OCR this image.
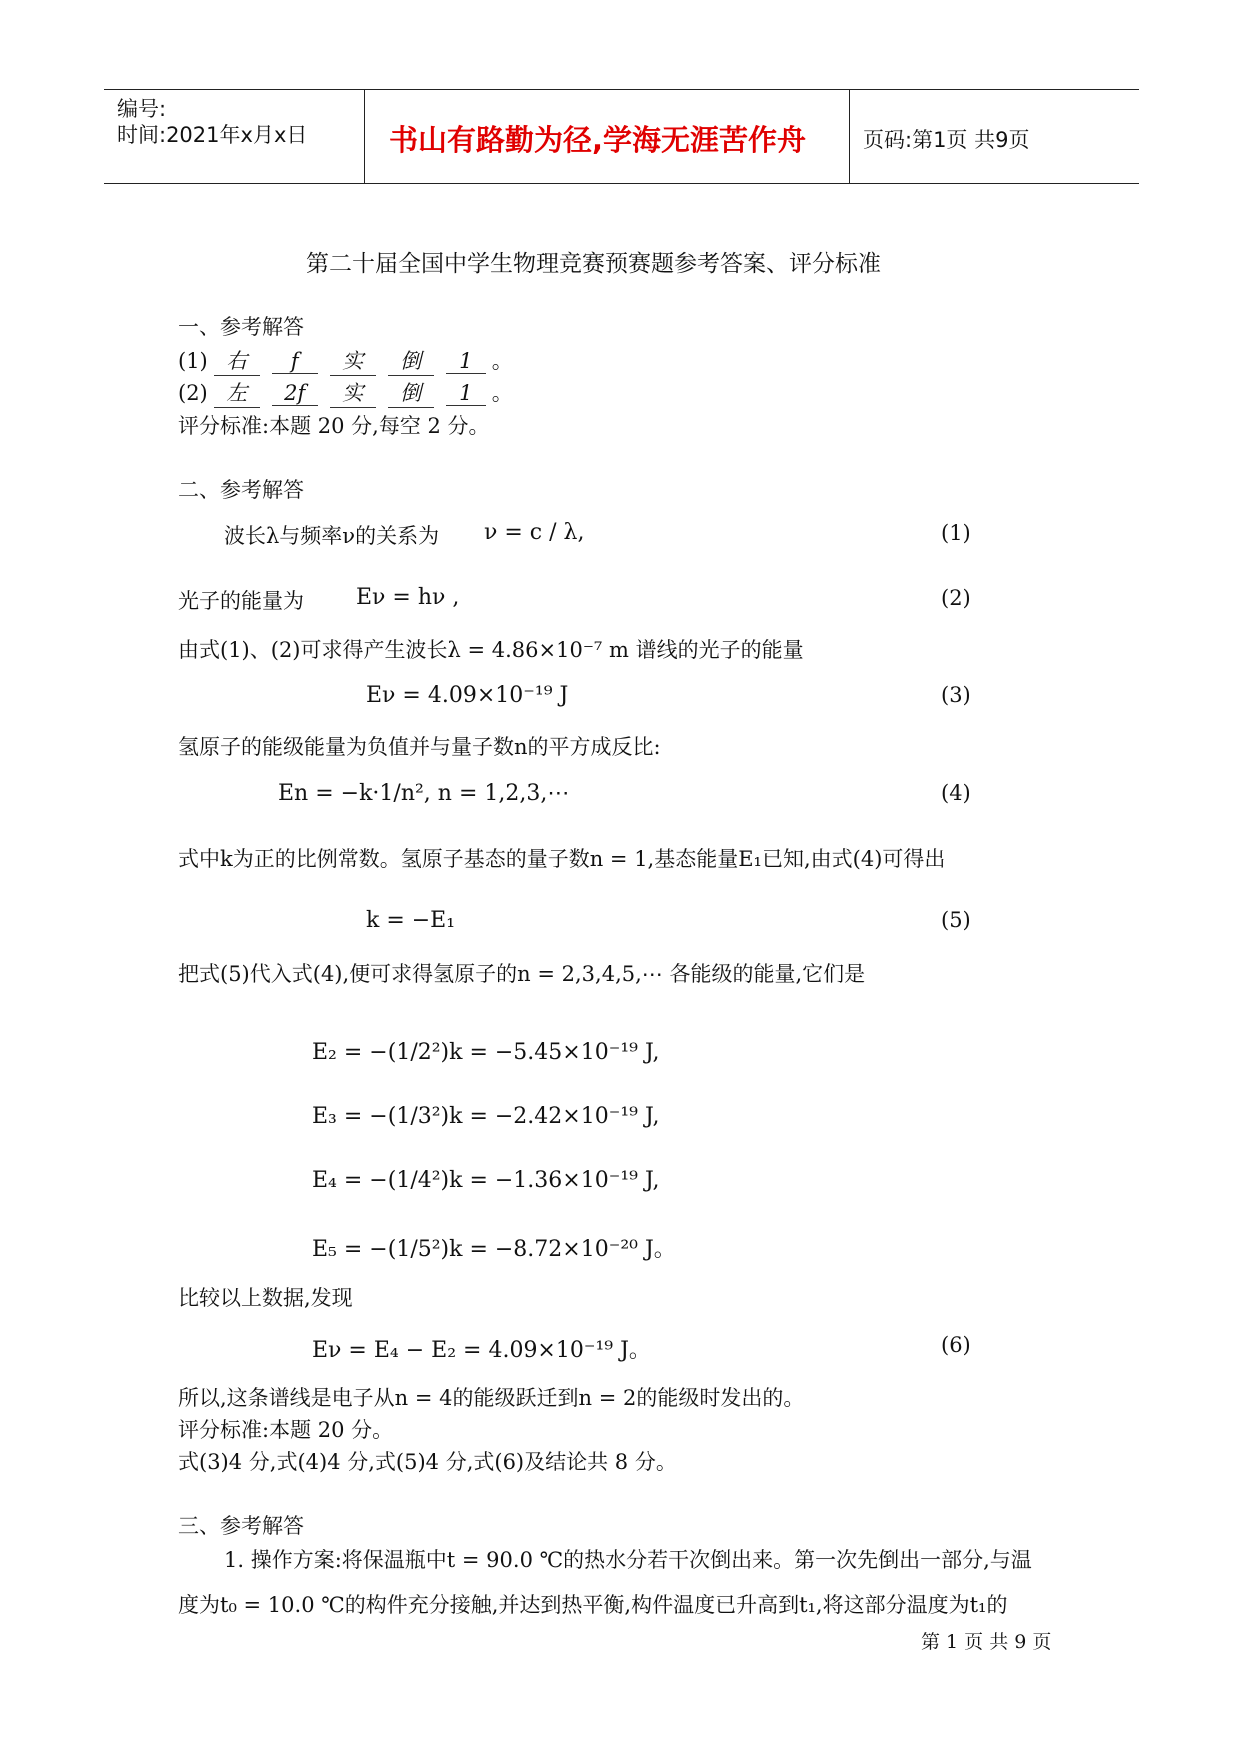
编号:
时间:2021年x月x日	书山有路勤为径,学海无涯苦作舟	页码:第1页 共9页
第二十届全国中学生物理竞赛预赛题参考答案、评分标准
一、参考解答
(1) 右 f 实 倒 1 。
(2) 左 2f 实 倒 1 。
评分标准:本题 20 分,每空 2 分。
二、参考解答
波长λ与频率ν的关系为 ν = c / λ,	(1)
光子的能量为 Eν = hν ,	(2)
由式(1)、(2)可求得产生波长λ = 4.86×10⁻⁷ m 谱线的光子的能量
Eν = 4.09×10⁻¹⁹ J	(3)
氢原子的能级能量为负值并与量子数n的平方成反比:
En = −k·1/n², n = 1,2,3,⋯	(4)
式中k为正的比例常数。氢原子基态的量子数n = 1,基态能量E₁已知,由式(4)可得出
k = −E₁	(5)
把式(5)代入式(4),便可求得氢原子的n = 2,3,4,5,⋯ 各能级的能量,它们是
E₂ = −(1/2²)k = −5.45×10⁻¹⁹ J,
E₃ = −(1/3²)k = −2.42×10⁻¹⁹ J,
E₄ = −(1/4²)k = −1.36×10⁻¹⁹ J,
E₅ = −(1/5²)k = −8.72×10⁻²⁰ J。
比较以上数据,发现
Eν = E₄ − E₂ = 4.09×10⁻¹⁹ J。	(6)
所以,这条谱线是电子从n = 4的能级跃迁到n = 2的能级时发出的。
评分标准:本题 20 分。
式(3)4 分,式(4)4 分,式(5)4 分,式(6)及结论共 8 分。
三、参考解答
1. 操作方案:将保温瓶中t = 90.0 ℃的热水分若干次倒出来。第一次先倒出一部分,与温
度为t₀ = 10.0 ℃的构件充分接触,并达到热平衡,构件温度已升高到t₁,将这部分温度为t₁的
第 1 页 共 9 页
